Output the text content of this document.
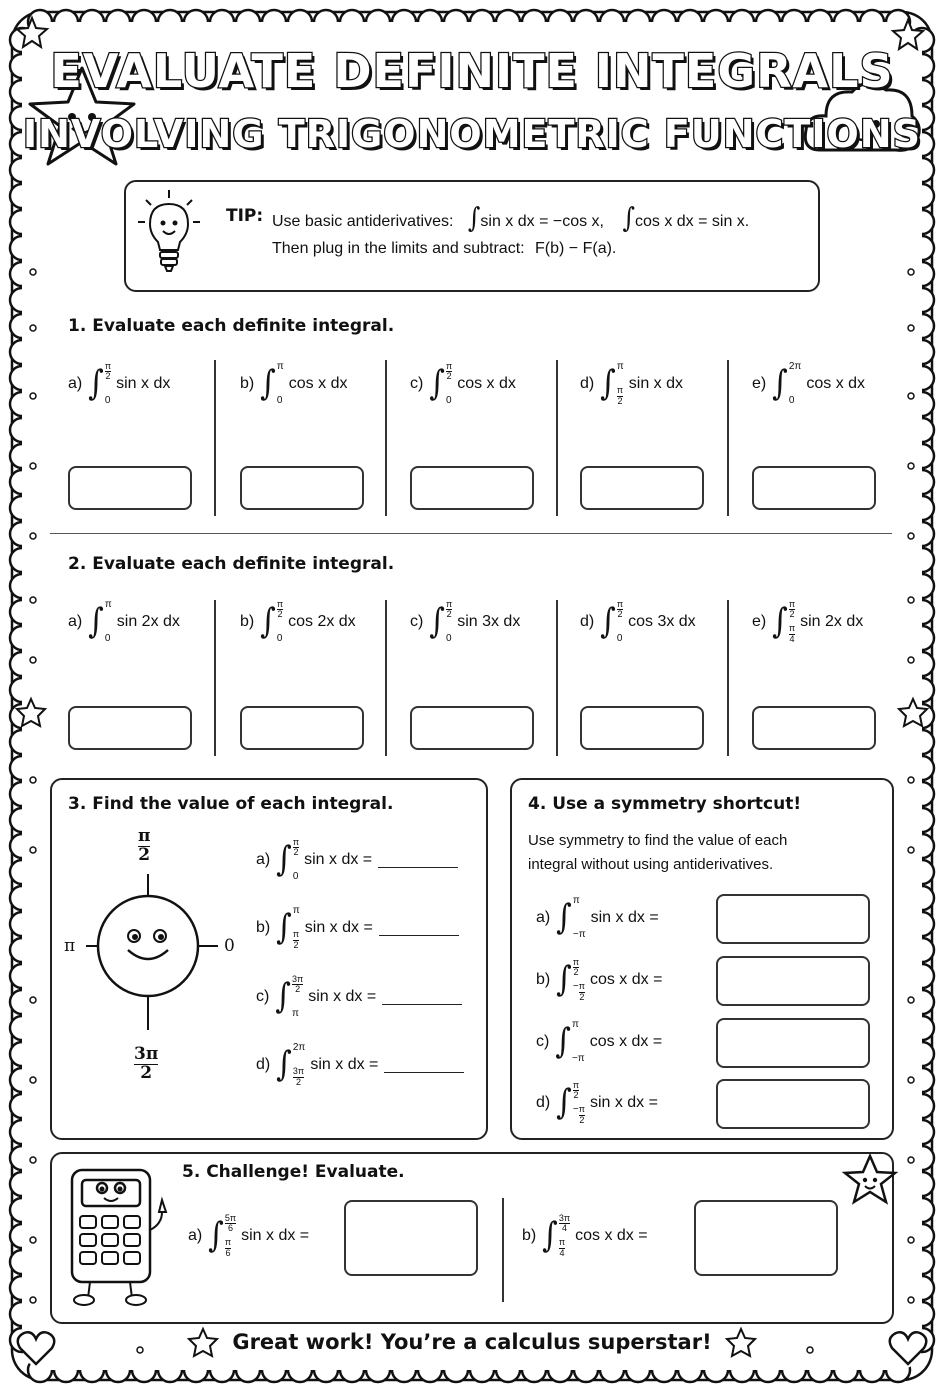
EVALUATE DEFINITE INTEGRALS
INVOLVING TRIGONOMETRIC FUNCTIONS
TIP: Use basic antiderivatives: ∫sin x dx = −cos x, ∫cos x dx = sin x.
Then plug in the limits and subtract: F(b) − F(a).
1. Evaluate each definite integral.
2. Evaluate each definite integral.
3. Find the value of each integral.
$\frac{\pi}{2}$
π	0
$\frac{3\pi}{2}$
4. Use a symmetry shortcut!
Use symmetry to find the value of each
integral without using antiderivatives.
5. Challenge! Evaluate.
Great work! You’re a calculus superstar!
a) ∫ $\frac{\pi}{2}$
0
sin x dx	b) ∫ π
0
cos x dx	c) ∫ $\frac{\pi}{2}$
0
cos x dx	d) ∫ π
$\frac{\pi}{2}$
sin x dx	e) ∫ 2π
0
cos x dx
a) ∫ π
0
sin 2x dx	b) ∫ $\frac{\pi}{2}$
0
cos 2x dx	c) ∫ $\frac{\pi}{2}$
0
sin 3x dx	d) ∫ $\frac{\pi}{2}$
0
cos 3x dx	e) ∫ $\frac{\pi}{2}$
$\frac{\pi}{4}$
sin 2x dx
a) ∫ $\frac{\pi}{2}$
0
sin x dx =
b) ∫ π
$\frac{\pi}{2}$
sin x dx =
c) ∫ $\frac{3\pi}{2}$
π
sin x dx =
d) ∫ 2π
$\frac{3\pi}{2}$
sin x dx =
a) ∫ π
−π
sin x dx =
b) ∫ $\frac{\pi}{2}$
− $\frac{\pi}{2}$
cos x dx =
c) ∫ π
−π
cos x dx =
d) ∫ $\frac{\pi}{2}$
− $\frac{\pi}{2}$
sin x dx =
a) ∫ $\frac{5\pi}{6}$
$\frac{\pi}{6}$
sin x dx =	b) ∫ $\frac{3\pi}{4}$
$\frac{\pi}{4}$
cos x dx =
